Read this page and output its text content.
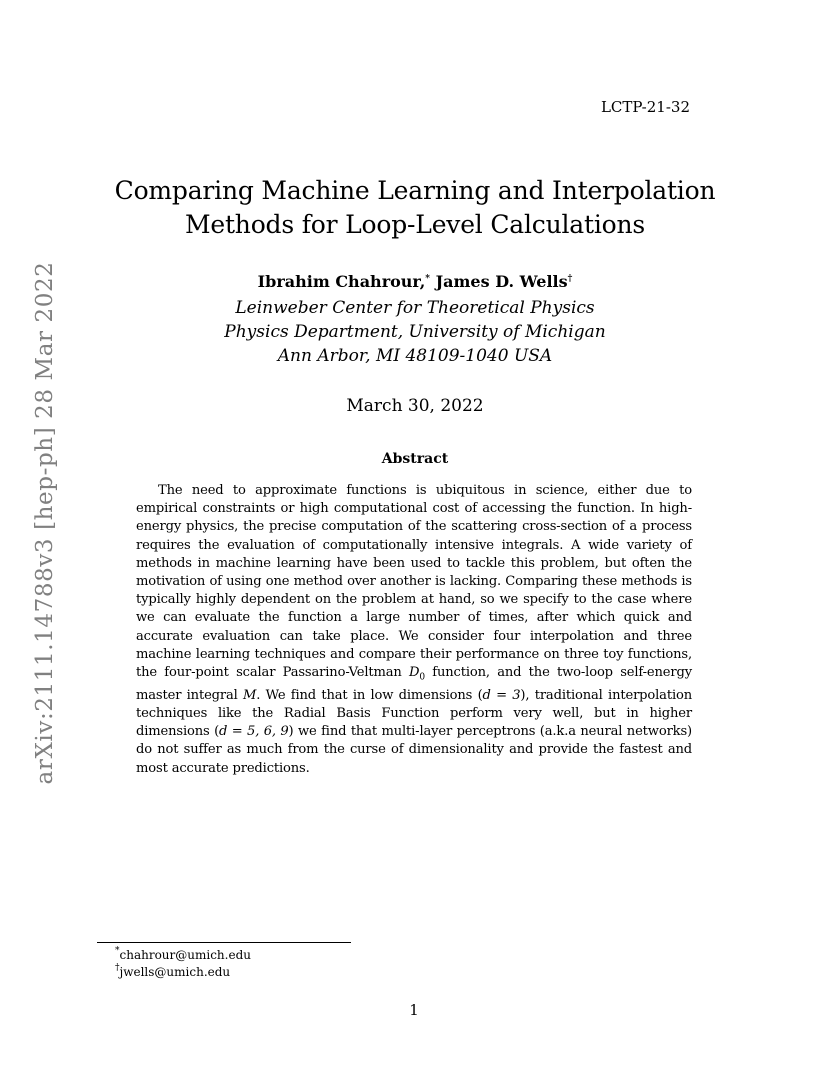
LCTP-21-32
Comparing Machine Learning and Interpolation
Methods for Loop-Level Calculations
Ibrahim Chahrour,* James D. Wells†
Leinweber Center for Theoretical Physics
Physics Department, University of Michigan
Ann Arbor, MI 48109-1040 USA
March 30, 2022
Abstract
The need to approximate functions is ubiquitous in science, either due to empirical constraints or high computational cost of accessing the function. In high-energy physics, the precise computation of the scattering cross-section of a process requires the evaluation of computationally intensive integrals. A wide variety of methods in machine learning have been used to tackle this problem, but often the motivation of using one method over another is lacking. Comparing these methods is typically highly dependent on the problem at hand, so we specify to the case where we can evaluate the function a large number of times, after which quick and accurate evaluation can take place. We consider four interpolation and three machine learning techniques and compare their performance on three toy functions, the four-point scalar Passarino-Veltman $D_0$ function, and the two-loop self-energy master integral M. We find that in low dimensions (d = 3), traditional interpolation techniques like the Radial Basis Function perform very well, but in higher dimensions (d = 5, 6, 9) we find that multi-layer perceptrons (a.k.a neural networks) do not suffer as much from the curse of dimensionality and provide the fastest and most accurate predictions.
arXiv:2111.14788v3 [hep-ph] 28 Mar 2022
*chahrour@umich.edu
†jwells@umich.edu
1
